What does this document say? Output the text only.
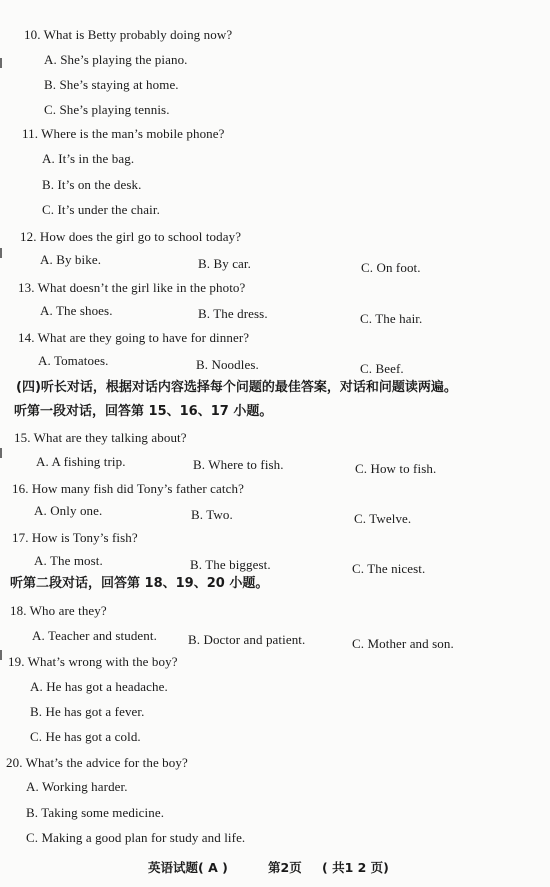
10. What is Betty probably doing now?
A. She’s playing the piano.
B. She’s staying at home.
C. She’s playing tennis.
11. Where is the man’s mobile phone?
A. It’s in the bag.
B. It’s on the desk.
C. It’s under the chair.
12. How does the girl go to school today?
A. By bike.	B. By car.	C. On foot.
13. What doesn’t the girl like in the photo?
A. The shoes.	B. The dress.	C. The hair.
14. What are they going to have for dinner?
A. Tomatoes.	B. Noodles.	C. Beef.
(四)听长对话，根据对话内容选择每个问题的最佳答案，对话和问题读两遍。
听第一段对话，回答第 15、16、17 小题。
15. What are they talking about?
A. A fishing trip.	B. Where to fish.	C. How to fish.
16. How many fish did Tony’s father catch?
A. Only one.	B. Two.	C. Twelve.
17. How is Tony’s fish?
A. The most.	B. The biggest.	C. The nicest.
听第二段对话，回答第 18、19、20 小题。
18. Who are they?
A. Teacher and student. B. Doctor and patient.	C. Mother and son.
19. What’s wrong with the boy?
A. He has got a headache.
B. He has got a fever.
C. He has got a cold.
20. What’s the advice for the boy?
A. Working harder.
B. Taking some medicine.
C. Making a good plan for study and life.
英语试题( A )	第2页 ( 共1 2 页)
